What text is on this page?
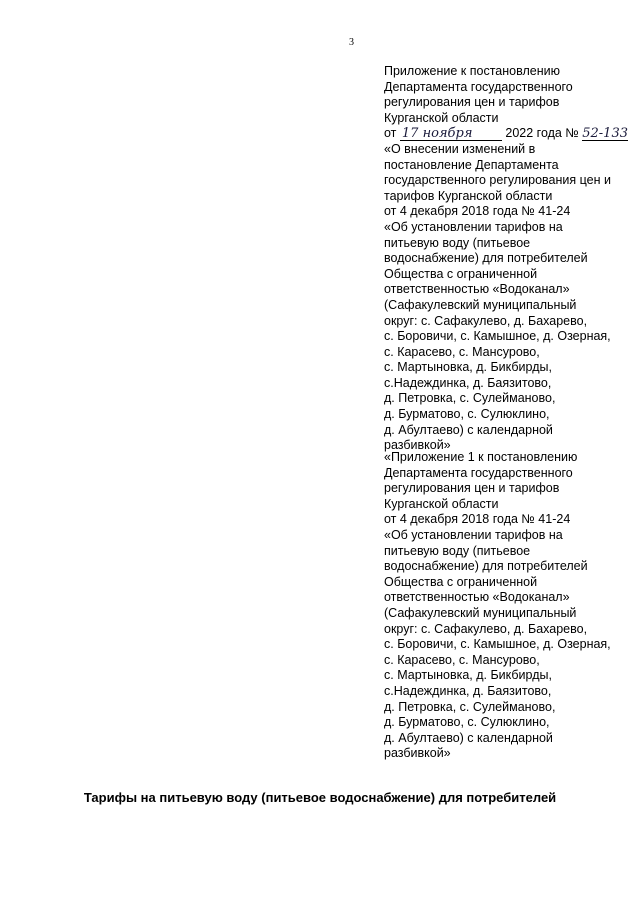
3
Приложение к постановлению
Департамента государственного
регулирования цен и тарифов
Курганской области
от 17 ноября	2022 года № 52-133
«О внесении изменений в
постановление Департамента
государственного регулирования цен и
тарифов Курганской области
от 4 декабря 2018 года № 41-24
«Об установлении тарифов на
питьевую воду (питьевое
водоснабжение) для потребителей
Общества с ограниченной
ответственностью «Водоканал»
(Сафакулевский муниципальный
округ: с. Сафакулево, д. Бахарево,
с. Боровичи, с. Камышное, д. Озерная,
с. Карасево, с. Мансурово,
с. Мартыновка, д. Бикбирды,
с.Надеждинка, д. Баязитово,
д. Петровка, с. Сулейманово,
д. Бурматово, с. Сулюклино,
д. Абултаево) с календарной
разбивкой»
«Приложение 1 к постановлению
Департамента государственного
регулирования цен и тарифов
Курганской области
от 4 декабря 2018 года № 41-24
«Об установлении тарифов на
питьевую воду (питьевое
водоснабжение) для потребителей
Общества с ограниченной
ответственностью «Водоканал»
(Сафакулевский муниципальный
округ: с. Сафакулево, д. Бахарево,
с. Боровичи, с. Камышное, д. Озерная,
с. Карасево, с. Мансурово,
с. Мартыновка, д. Бикбирды,
с.Надеждинка, д. Баязитово,
д. Петровка, с. Сулейманово,
д. Бурматово, с. Сулюклино,
д. Абултаево) с календарной
разбивкой»
Тарифы на питьевую воду (питьевое водоснабжение) для потребителей
